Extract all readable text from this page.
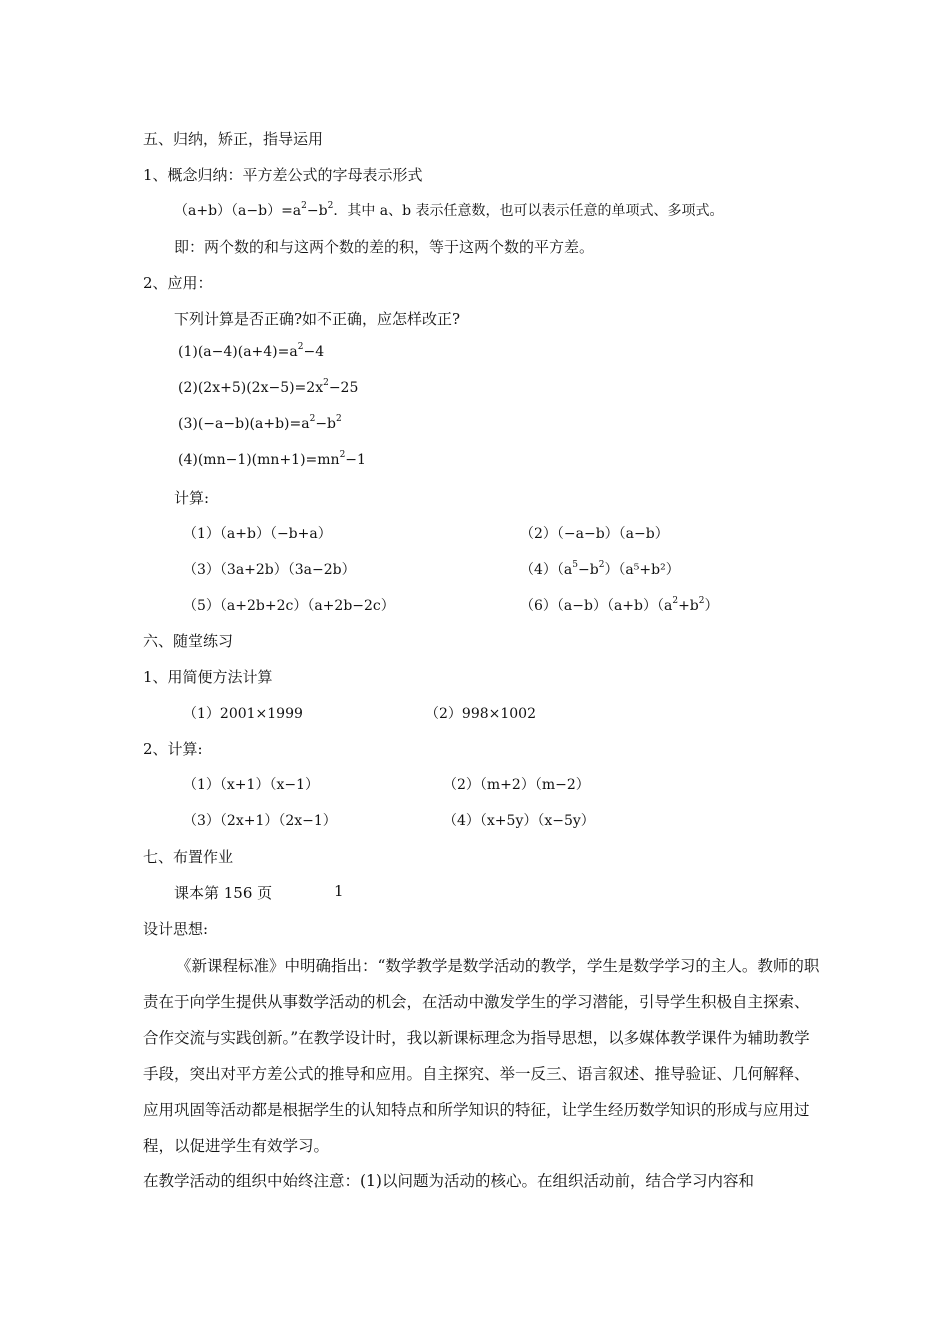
五、归纳，矫正，指导运用
1、概念归纳：平方差公式的字母表示形式
$(a+b)(a-b)=a^2-b^2$．其中 a、b 表示任意数，也可以表示任意的单项式、多项式。
即：两个数的和与这两个数的差的积，等于这两个数的平方差。
2、应用：
下列计算是否正确?如不正确，应怎样改正?
$(1)(a-4)(a+4)=a^2-4$
$(2)(2x+5)(2x-5)=2x^2-25$
$(3)(-a-b)(a+b)=a^2-b^2$
$(4)(mn-1)(mn+1)=mn^2-1$
计算:
（1）（a+b）（−b+a）	（2）（−a−b）（a−b）
（3）（3a+2b）（3a−2b）	$(4)(a^5-b^2)(a^5+b^2)$
（5）（a+2b+2c）（a+2b−2c）	$(6)(a-b)(a+b)(a^2+b^2)$
六、随堂练习
1、用简便方法计算
（1）2001×1999	（2）998×1002
2、计算:
（1）（x+1）（x−1）	（2）（m+2）（m−2）
（3）（2x+1）（2x−1）	（4）（x+5y）（x−5y）
七、布置作业
课本第 156 页	1
设计思想:

《新课程标准》中明确指出：“数学教学是数学活动的教学，学生是数学学习的主人。教师的职责在于向学生提供从事数学活动的机会，在活动中激发学生的学习潜能，引导学生积极自主探索、合作交流与实践创新。”在教学设计时，我以新课标理念为指导思想，以多媒体教学课件为辅助教学手段，突出对平方差公式的推导和应用。自主探究、举一反三、语言叙述、推导验证、几何解释、应用巩固等活动都是根据学生的认知特点和所学知识的特征，让学生经历数学知识的形成与应用过程，以促进学生有效学习。

在教学活动的组织中始终注意：(1)以问题为活动的核心。在组织活动前，结合学习内容和
